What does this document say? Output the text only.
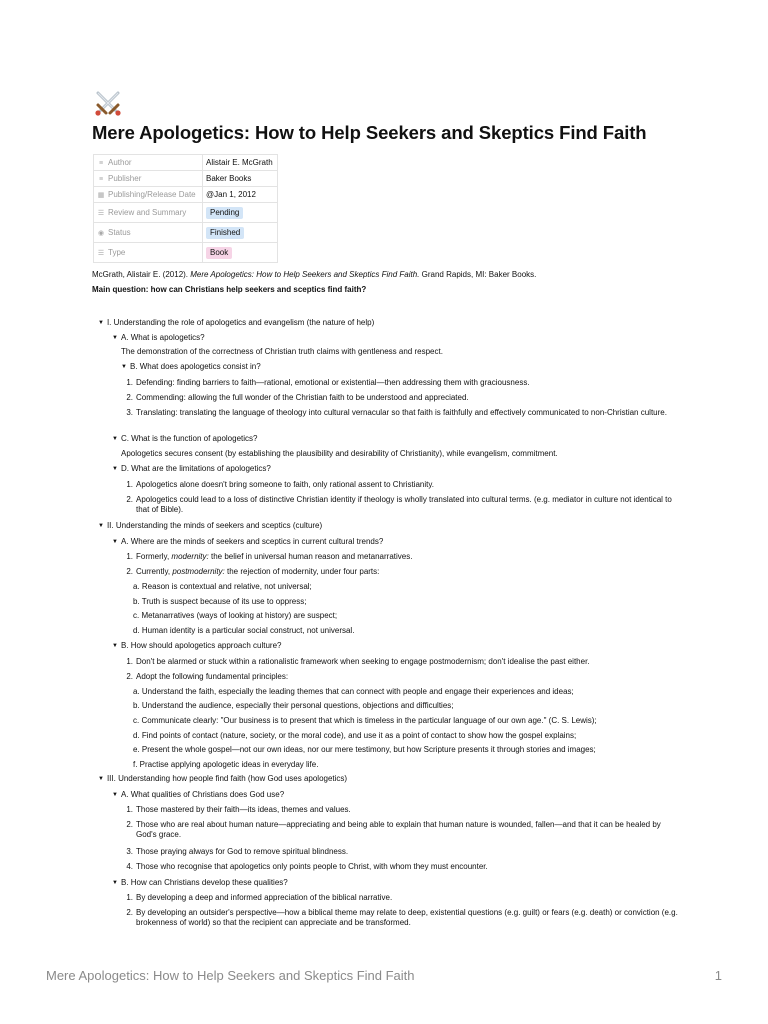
Mere Apologetics: How to Help Seekers and Skeptics Find Faith
≡ Author	Alistair E. McGrath
≡ Publisher	Baker Books
▦ Publishing/Release Date	@Jan 1, 2012
☰ Review and Summary	Pending
◉ Status	Finished
☰ Type	Book
McGrath, Alistair E. (2012). Mere Apologetics: How to Help Seekers and Skeptics Find Faith. Grand Rapids, MI: Baker Books.
Main question: how can Christians help seekers and sceptics find faith?
▼ I. Understanding the role of apologetics and evangelism (the nature of help)
▼ A. What is apologetics?
The demonstration of the correctness of Christian truth claims with gentleness and respect.
▼ B. What does apologetics consist in?
1. Defending: finding barriers to faith—rational, emotional or existential—then addressing them with graciousness.
2. Commending: allowing the full wonder of the Christian faith to be understood and appreciated.
3. Translating: translating the language of theology into cultural vernacular so that faith is faithfully and effectively communicated to non-Christian culture.
▼ C. What is the function of apologetics?
Apologetics secures consent (by establishing the plausibility and desirability of Christianity), while evangelism, commitment.
▼ D. What are the limitations of apologetics?
1. Apologetics alone doesn't bring someone to faith, only rational assent to Christianity.
2. Apologetics could lead to a loss of distinctive Christian identity if theology is wholly translated into cultural terms. (e.g. mediator in culture not identical to that of Bible).
▼ II. Understanding the minds of seekers and sceptics (culture)
▼ A. Where are the minds of seekers and sceptics in current cultural trends?
1. Formerly, modernity: the belief in universal human reason and metanarratives.
2. Currently, postmodernity: the rejection of modernity, under four parts:
a. Reason is contextual and relative, not universal;
b. Truth is suspect because of its use to oppress;
c. Metanarratives (ways of looking at history) are suspect;
d. Human identity is a particular social construct, not universal.
▼ B. How should apologetics approach culture?
1. Don't be alarmed or stuck within a rationalistic framework when seeking to engage postmodernism; don't idealise the past either.
2. Adopt the following fundamental principles:
a. Understand the faith, especially the leading themes that can connect with people and engage their experiences and ideas;
b. Understand the audience, especially their personal questions, objections and difficulties;
c. Communicate clearly: "Our business is to present that which is timeless in the particular language of our own age." (C. S. Lewis);
d. Find points of contact (nature, society, or the moral code), and use it as a point of contact to show how the gospel explains;
e. Present the whole gospel—not our own ideas, nor our mere testimony, but how Scripture presents it through stories and images;
f. Practise applying apologetic ideas in everyday life.
▼ III. Understanding how people find faith (how God uses apologetics)
▼ A. What qualities of Christians does God use?
1. Those mastered by their faith—its ideas, themes and values.
2. Those who are real about human nature—appreciating and being able to explain that human nature is wounded, fallen—and that it can be healed by God's grace.
3. Those praying always for God to remove spiritual blindness.
4. Those who recognise that apologetics only points people to Christ, with whom they must encounter.
▼ B. How can Christians develop these qualities?
1. By developing a deep and informed appreciation of the biblical narrative.
2. By developing an outsider's perspective—how a biblical theme may relate to deep, existential questions (e.g. guilt) or fears (e.g. death) or conviction (e.g. brokenness of world) so that the recipient can appreciate and be transformed.
Mere Apologetics: How to Help Seekers and Skeptics Find Faith	1
